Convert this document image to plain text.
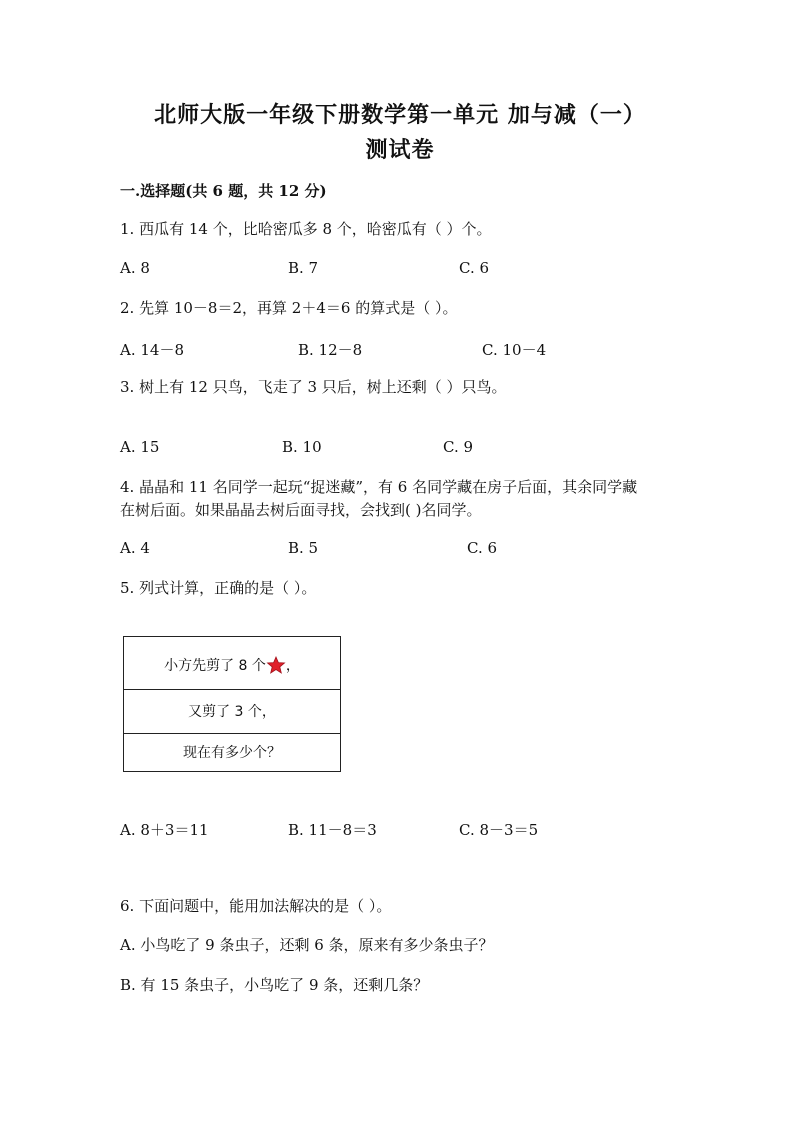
北师大版一年级下册数学第一单元 加与减（一）
测试卷
一.选择题(共 6 题，共 12 分)
1. 西瓜有 14 个，比哈密瓜多 8 个，哈密瓜有（ ）个。
A. 8	B. 7	C. 6
2. 先算 10－8＝2，再算 2＋4＝6 的算式是（ ）。
A. 14－8	B. 12－8	C. 10－4
3. 树上有 12 只鸟，飞走了 3 只后，树上还剩（ ）只鸟。
A. 15	B. 10	C. 9
4. 晶晶和 11 名同学一起玩“捉迷藏”，有 6 名同学藏在房子后面，其余同学藏
在树后面。如果晶晶去树后面寻找，会找到( )名同学。
A. 4	B. 5	C. 6
5. 列式计算，正确的是（ ）。
小方先剪了 8 个 ，
又剪了 3 个，
现在有多少个？
A. 8＋3＝11	B. 11－8＝3	C. 8－3＝5
6. 下面问题中，能用加法解决的是（ ）。
A. 小鸟吃了 9 条虫子，还剩 6 条，原来有多少条虫子？
B. 有 15 条虫子，小鸟吃了 9 条，还剩几条？
